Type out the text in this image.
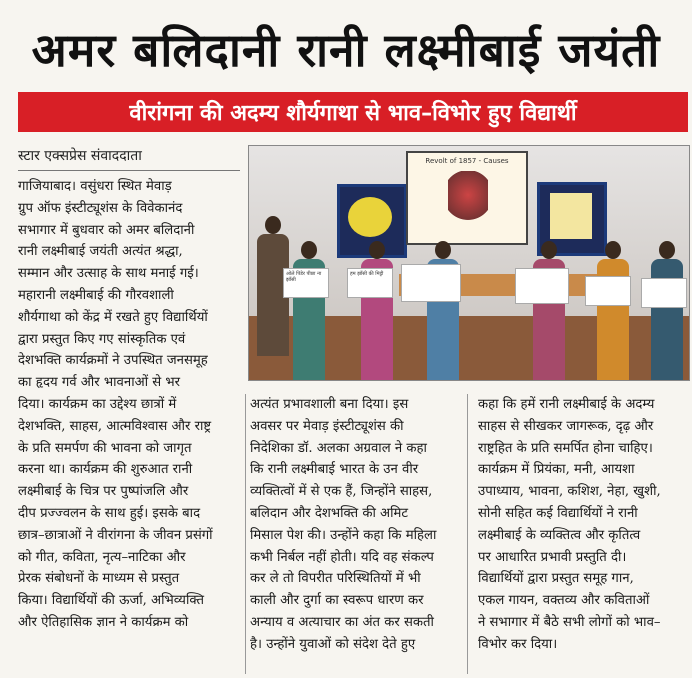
अमर बलिदानी रानी लक्ष्मीबाई जयंती
वीरांगना की अदम्य शौर्यगाथा से भाव–विभोर हुए विद्यार्थी
स्टार एक्सप्रेस संवाददाता	Revolt of 1857 - Causes
ओले पिंडेर पीछा ना झाँसी
हम झाँसी की मिट्टी
गाजियाबाद। वसुंधरा स्थित मेवाड़
ग्रुप ऑफ इंस्टीट्यूशंस के विवेकानंद
सभागार में बुधवार को अमर बलिदानी
रानी लक्ष्मीबाई जयंती अत्यंत श्रद्धा,
सम्मान और उत्साह के साथ मनाई गई।
महारानी लक्ष्मीबाई की गौरवशाली
शौर्यगाथा को केंद्र में रखते हुए विद्यार्थियों
द्वारा प्रस्तुत किए गए सांस्कृतिक एवं
देशभक्ति कार्यक्रमों ने उपस्थित जनसमूह
का हृदय गर्व और भावनाओं से भर
दिया। कार्यक्रम का उद्देश्य छात्रों में
देशभक्ति, साहस, आत्मविश्वास और राष्ट्र
के प्रति समर्पण की भावना को जागृत
करना था। कार्यक्रम की शुरुआत रानी
लक्ष्मीबाई के चित्र पर पुष्पांजलि और
दीप प्रज्ज्वलन के साथ हुई। इसके बाद
छात्र–छात्राओं ने वीरांगना के जीवन प्रसंगों
को गीत, कविता, नृत्य–नाटिका और
प्रेरक संबोधनों के माध्यम से प्रस्तुत
किया। विद्यार्थियों की ऊर्जा, अभिव्यक्ति
और ऐतिहासिक ज्ञान ने कार्यक्रम को
अत्यंत प्रभावशाली बना दिया। इस
अवसर पर मेवाड़ इंस्टीट्यूशंस की
निदेशिका डॉ. अलका अग्रवाल ने कहा
कि रानी लक्ष्मीबाई भारत के उन वीर
व्यक्तित्वों में से एक हैं, जिन्होंने साहस,
बलिदान और देशभक्ति की अमिट
मिसाल पेश की। उन्होंने कहा कि महिला
कभी निर्बल नहीं होती। यदि वह संकल्प
कर ले तो विपरीत परिस्थितियों में भी
काली और दुर्गा का स्वरूप धारण कर
अन्याय व अत्याचार का अंत कर सकती
है। उन्होंने युवाओं को संदेश देते हुए
कहा कि हमें रानी लक्ष्मीबाई के अदम्य
साहस से सीखकर जागरूक, दृढ़ और
राष्ट्रहित के प्रति समर्पित होना चाहिए।
कार्यक्रम में प्रियंका, मनी, आयशा
उपाध्याय, भावना, कशिश, नेहा, खुशी,
सोनी सहित कई विद्यार्थियों ने रानी
लक्ष्मीबाई के व्यक्तित्व और कृतित्व
पर आधारित प्रभावी प्रस्तुति दी।
विद्यार्थियों द्वारा प्रस्तुत समूह गान,
एकल गायन, वक्तव्य और कविताओं
ने सभागार में बैठे सभी लोगों को भाव–
विभोर कर दिया।
